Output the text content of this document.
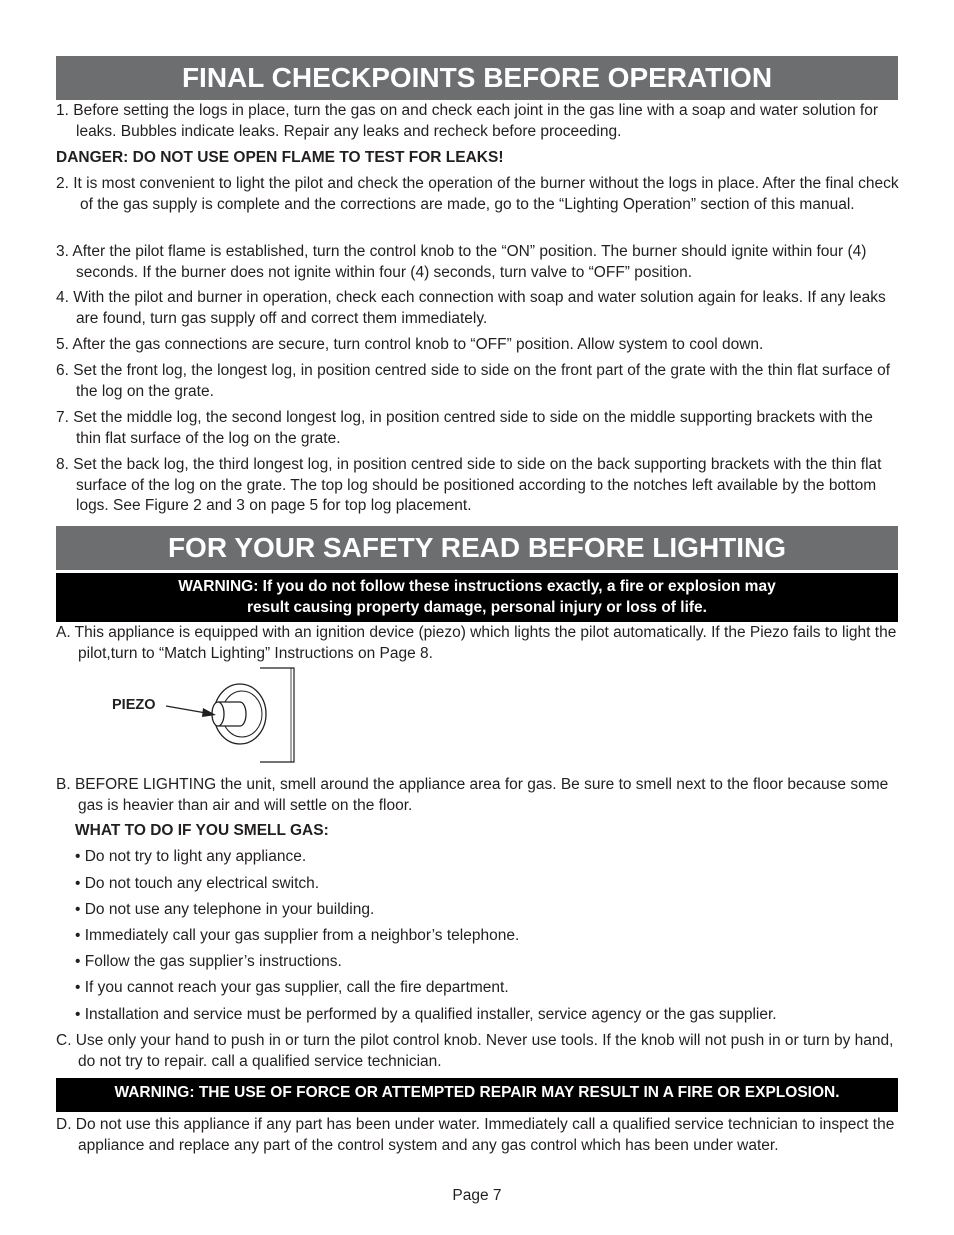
FINAL CHECKPOINTS BEFORE OPERATION

1. Before setting the logs in place, turn the gas on and check each joint in the gas line with a soap and water solution for leaks. Bubbles indicate leaks. Repair any leaks and recheck before proceeding.

DANGER: DO NOT USE OPEN FLAME TO TEST FOR LEAKS!

2. It is most convenient to light the pilot and check the operation of the burner without the logs in place. After the final check of the gas supply is complete and the corrections are made, go to the “Lighting Operation” section of this manual.

3. After the pilot flame is established, turn the control knob to the “ON” position. The burner should ignite within four (4) seconds. If the burner does not ignite within four (4) seconds, turn valve to “OFF” position.

4. With the pilot and burner in operation, check each connection with soap and water solution again for leaks. If any leaks are found, turn gas supply off and correct them immediately.

5. After the gas connections are secure, turn control knob to “OFF” position. Allow system to cool down.

6. Set the front log, the longest log, in position centred side to side on the front part of the grate with the thin flat surface of the log on the grate.

7. Set the middle log, the second longest log, in position centred side to side on the middle supporting brackets with the thin flat surface of the log on the grate.

8. Set the back log, the third longest log, in position centred side to side on the back supporting brackets with the thin flat surface of the log on the grate. The top log should be positioned according to the notches left available by the bottom logs. See Figure 2 and 3 on page 5 for top log placement.

FOR YOUR SAFETY READ BEFORE LIGHTING
WARNING: If you do not follow these instructions exactly, a fire or explosion may
result causing property damage, personal injury or loss of life.

A. This appliance is equipped with an ignition device (piezo) which lights the pilot automatically. If the Piezo fails to light the pilot,turn to “Match Lighting” Instructions on Page 8.

PIEZO

B. BEFORE LIGHTING the unit, smell around the appliance area for gas. Be sure to smell next to the floor because some gas is heavier than air and will settle on the floor.

WHAT TO DO IF YOU SMELL GAS:

• Do not try to light any appliance.

• Do not touch any electrical switch.

• Do not use any telephone in your building.

• Immediately call your gas supplier from a neighbor’s telephone.

• Follow the gas supplier’s instructions.

• If you cannot reach your gas supplier, call the fire department.

• Installation and service must be performed by a qualified installer, service agency or the gas supplier.

C. Use only your hand to push in or turn the pilot control knob. Never use tools. If the knob will not push in or turn by hand, do not try to repair. call a qualified service technician.

WARNING: THE USE OF FORCE OR ATTEMPTED REPAIR MAY RESULT IN A FIRE OR EXPLOSION.

D. Do not use this appliance if any part has been under water. Immediately call a qualified service technician to inspect the appliance and replace any part of the control system and any gas control which has been under water.

Page 7
